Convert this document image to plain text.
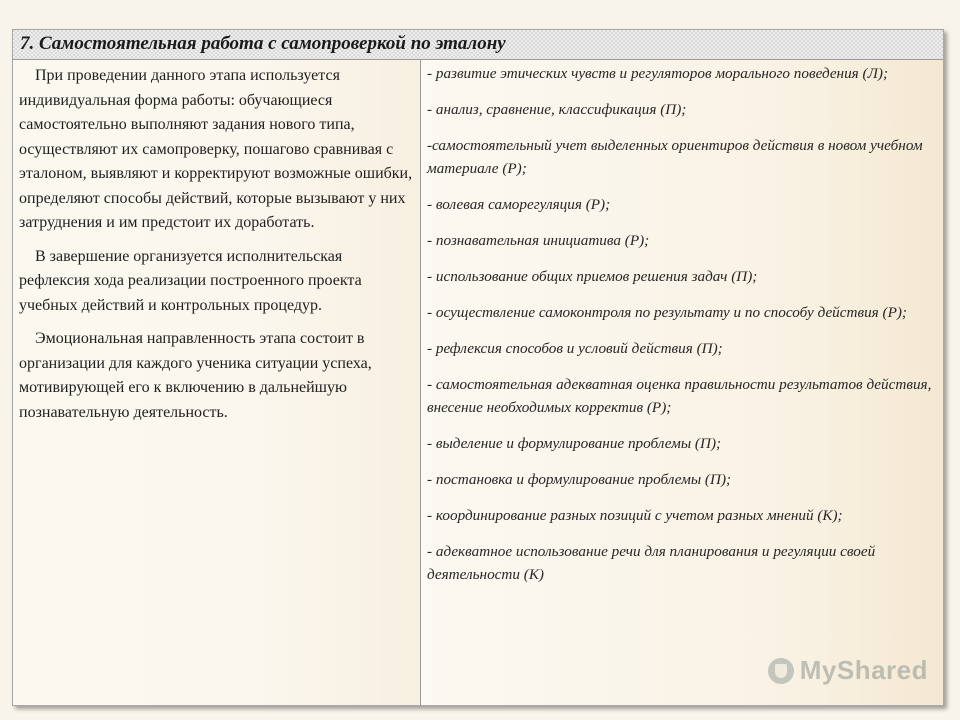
7. Самостоятельная работа с самопроверкой по эталону

При проведении данного этапа используется индивидуальная форма работы: обучающиеся самостоятельно выполняют задания нового типа, осуществляют их самопроверку, пошагово сравнивая с эталоном, выявляют и корректируют возможные ошибки, определяют способы действий, которые вызывают у них затруднения и им предстоит их доработать.

В завершение организуется исполнительская рефлексия хода реализации построенного проекта учебных действий и контрольных процедур.

Эмоциональная направленность этапа состоит в организации для каждого ученика ситуации успеха, мотивирующей его к включению в дальнейшую познавательную деятельность.

- развитие этических чувств и регуляторов морального поведения (Л);

- анализ, сравнение, классификация (П);

-самостоятельный учет выделенных ориентиров действия в новом учебном материале (Р);

- волевая саморегуляция (Р);

- познавательная инициатива (Р);

- использование общих приемов решения задач (П);

- осуществление самоконтроля по результату и по способу действия (Р);

- рефлексия способов и условий действия (П);

- самостоятельная адекватная оценка правильности результатов действия, внесение необходимых корректив (Р);

- выделение и формулирование проблемы (П);

- постановка и формулирование проблемы (П);

- координирование разных позиций с учетом разных мнений (К);

- адекватное использование речи для планирования и регуляции своей деятельности (К)

MyShared
